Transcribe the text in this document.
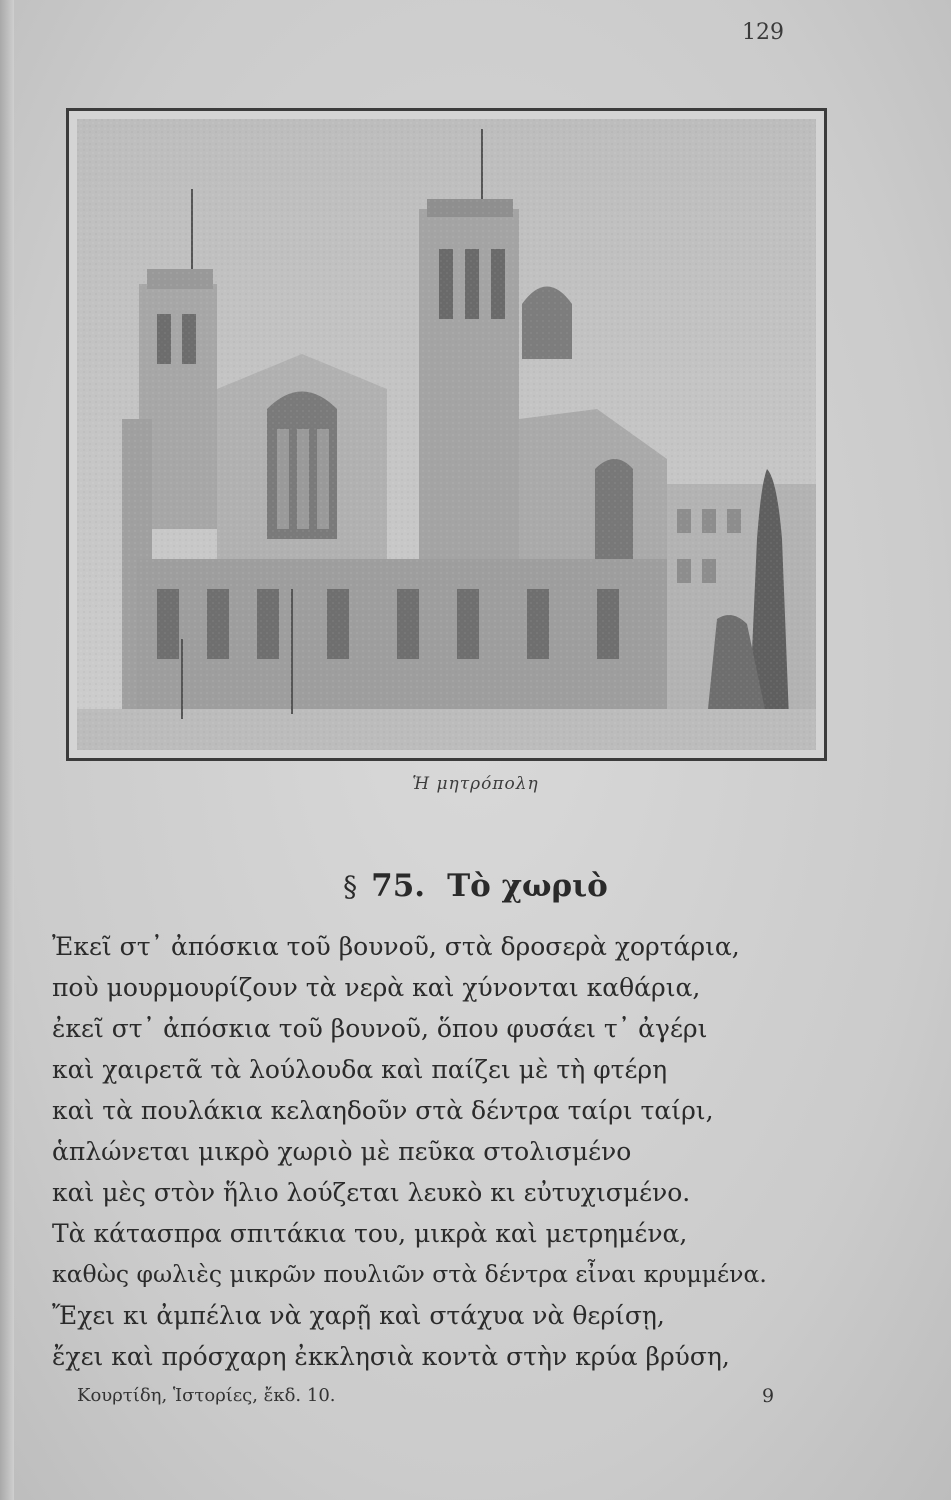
129
Ἡ μητρόπολη
§ 75. Τὸ χωριὸ
Ἐκεῖ στ᾽ ἀπόσκια τοῦ βουνοῦ, στὰ δροσερὰ χορτάρια,
ποὺ μουρμουρίζουν τὰ νερὰ καὶ χύνονται καθάρια,
ἐκεῖ στ᾽ ἀπόσκια τοῦ βουνοῦ, ὅπου φυσάει τ᾽ ἀγέρι
καὶ χαιρετᾶ τὰ λούλουδα καὶ παίζει μὲ τὴ φτέρη
καὶ τὰ πουλάκια κελαηδοῦν στὰ δέντρα ταίρι ταίρι,
ἁπλώνεται μικρὸ χωριὸ μὲ πεῦκα στολισμένο
καὶ μὲς στὸν ἥλιο λούζεται λευκὸ κι εὐτυχισμένο.
Τὰ κάτασπρα σπιτάκια του, μικρὰ καὶ μετρημένα,
καθὼς φωλιὲς μικρῶν πουλιῶν στὰ δέντρα εἶναι κρυμμένα.
Ἔχει κι ἀμπέλια νὰ χαρῇ καὶ στάχυα νὰ θερίσῃ,
ἔχει καὶ πρόσχαρη ἐκκλησιὰ κοντὰ στὴν κρύα βρύση,
Κουρτίδη, Ἱστορίες, ἔκδ. 10.	9
